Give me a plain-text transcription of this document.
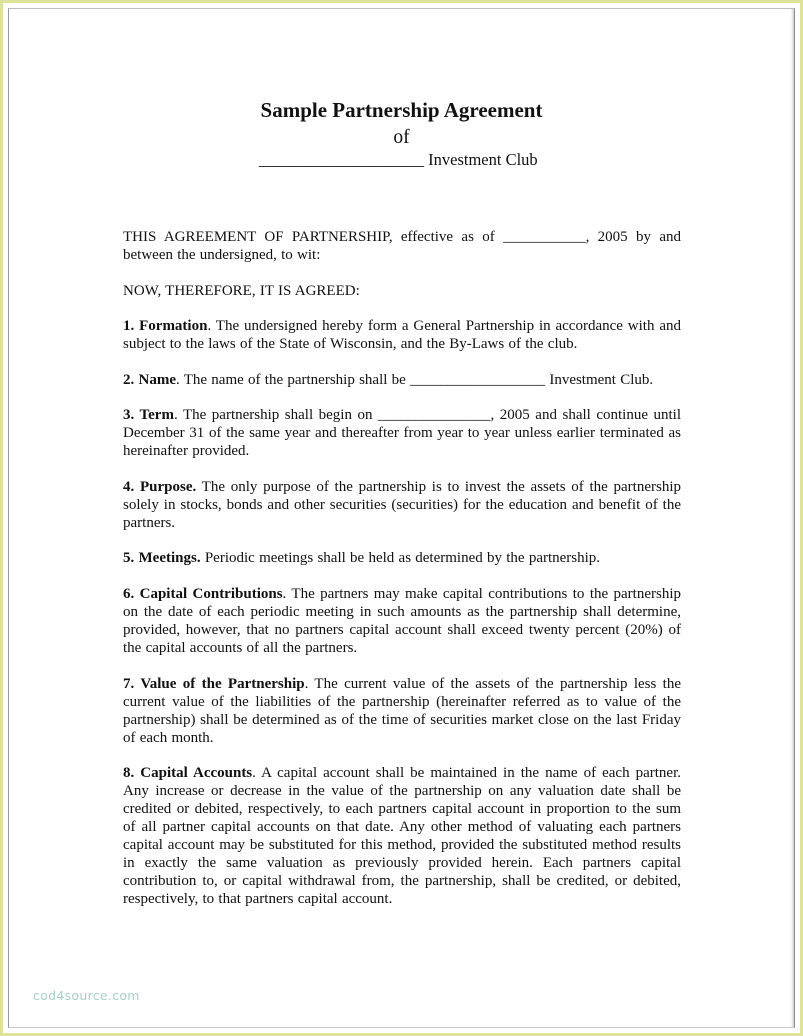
Sample Partnership Agreement
of
____________________ Investment Club
THIS AGREEMENT OF PARTNERSHIP, effective as of ___________, 2005 by and between the undersigned, to wit:
NOW, THEREFORE, IT IS AGREED:
1. Formation. The undersigned hereby form a General Partnership in accordance with and subject to the laws of the State of Wisconsin, and the By-Laws of the club.
2. Name. The name of the partnership shall be __________________ Investment Club.
3. Term. The partnership shall begin on _______________, 2005 and shall continue until December 31 of the same year and thereafter from year to year unless earlier terminated as hereinafter provided.
4. Purpose. The only purpose of the partnership is to invest the assets of the partnership solely in stocks, bonds and other securities (securities) for the education and benefit of the partners.
5. Meetings. Periodic meetings shall be held as determined by the partnership.
6. Capital Contributions. The partners may make capital contributions to the partnership on the date of each periodic meeting in such amounts as the partnership shall determine, provided, however, that no partners capital account shall exceed twenty percent (20%) of the capital accounts of all the partners.
7. Value of the Partnership. The current value of the assets of the partnership less the current value of the liabilities of the partnership (hereinafter referred as to value of the partnership) shall be determined as of the time of securities market close on the last Friday of each month.
8. Capital Accounts. A capital account shall be maintained in the name of each partner. Any increase or decrease in the value of the partnership on any valuation date shall be credited or debited, respectively, to each partners capital account in proportion to the sum of all partner capital accounts on that date. Any other method of valuating each partners capital account may be substituted for this method, provided the substituted method results in exactly the same valuation as previously provided herein. Each partners capital contribution to, or capital withdrawal from, the partnership, shall be credited, or debited, respectively, to that partners capital account.
cod4source.com
